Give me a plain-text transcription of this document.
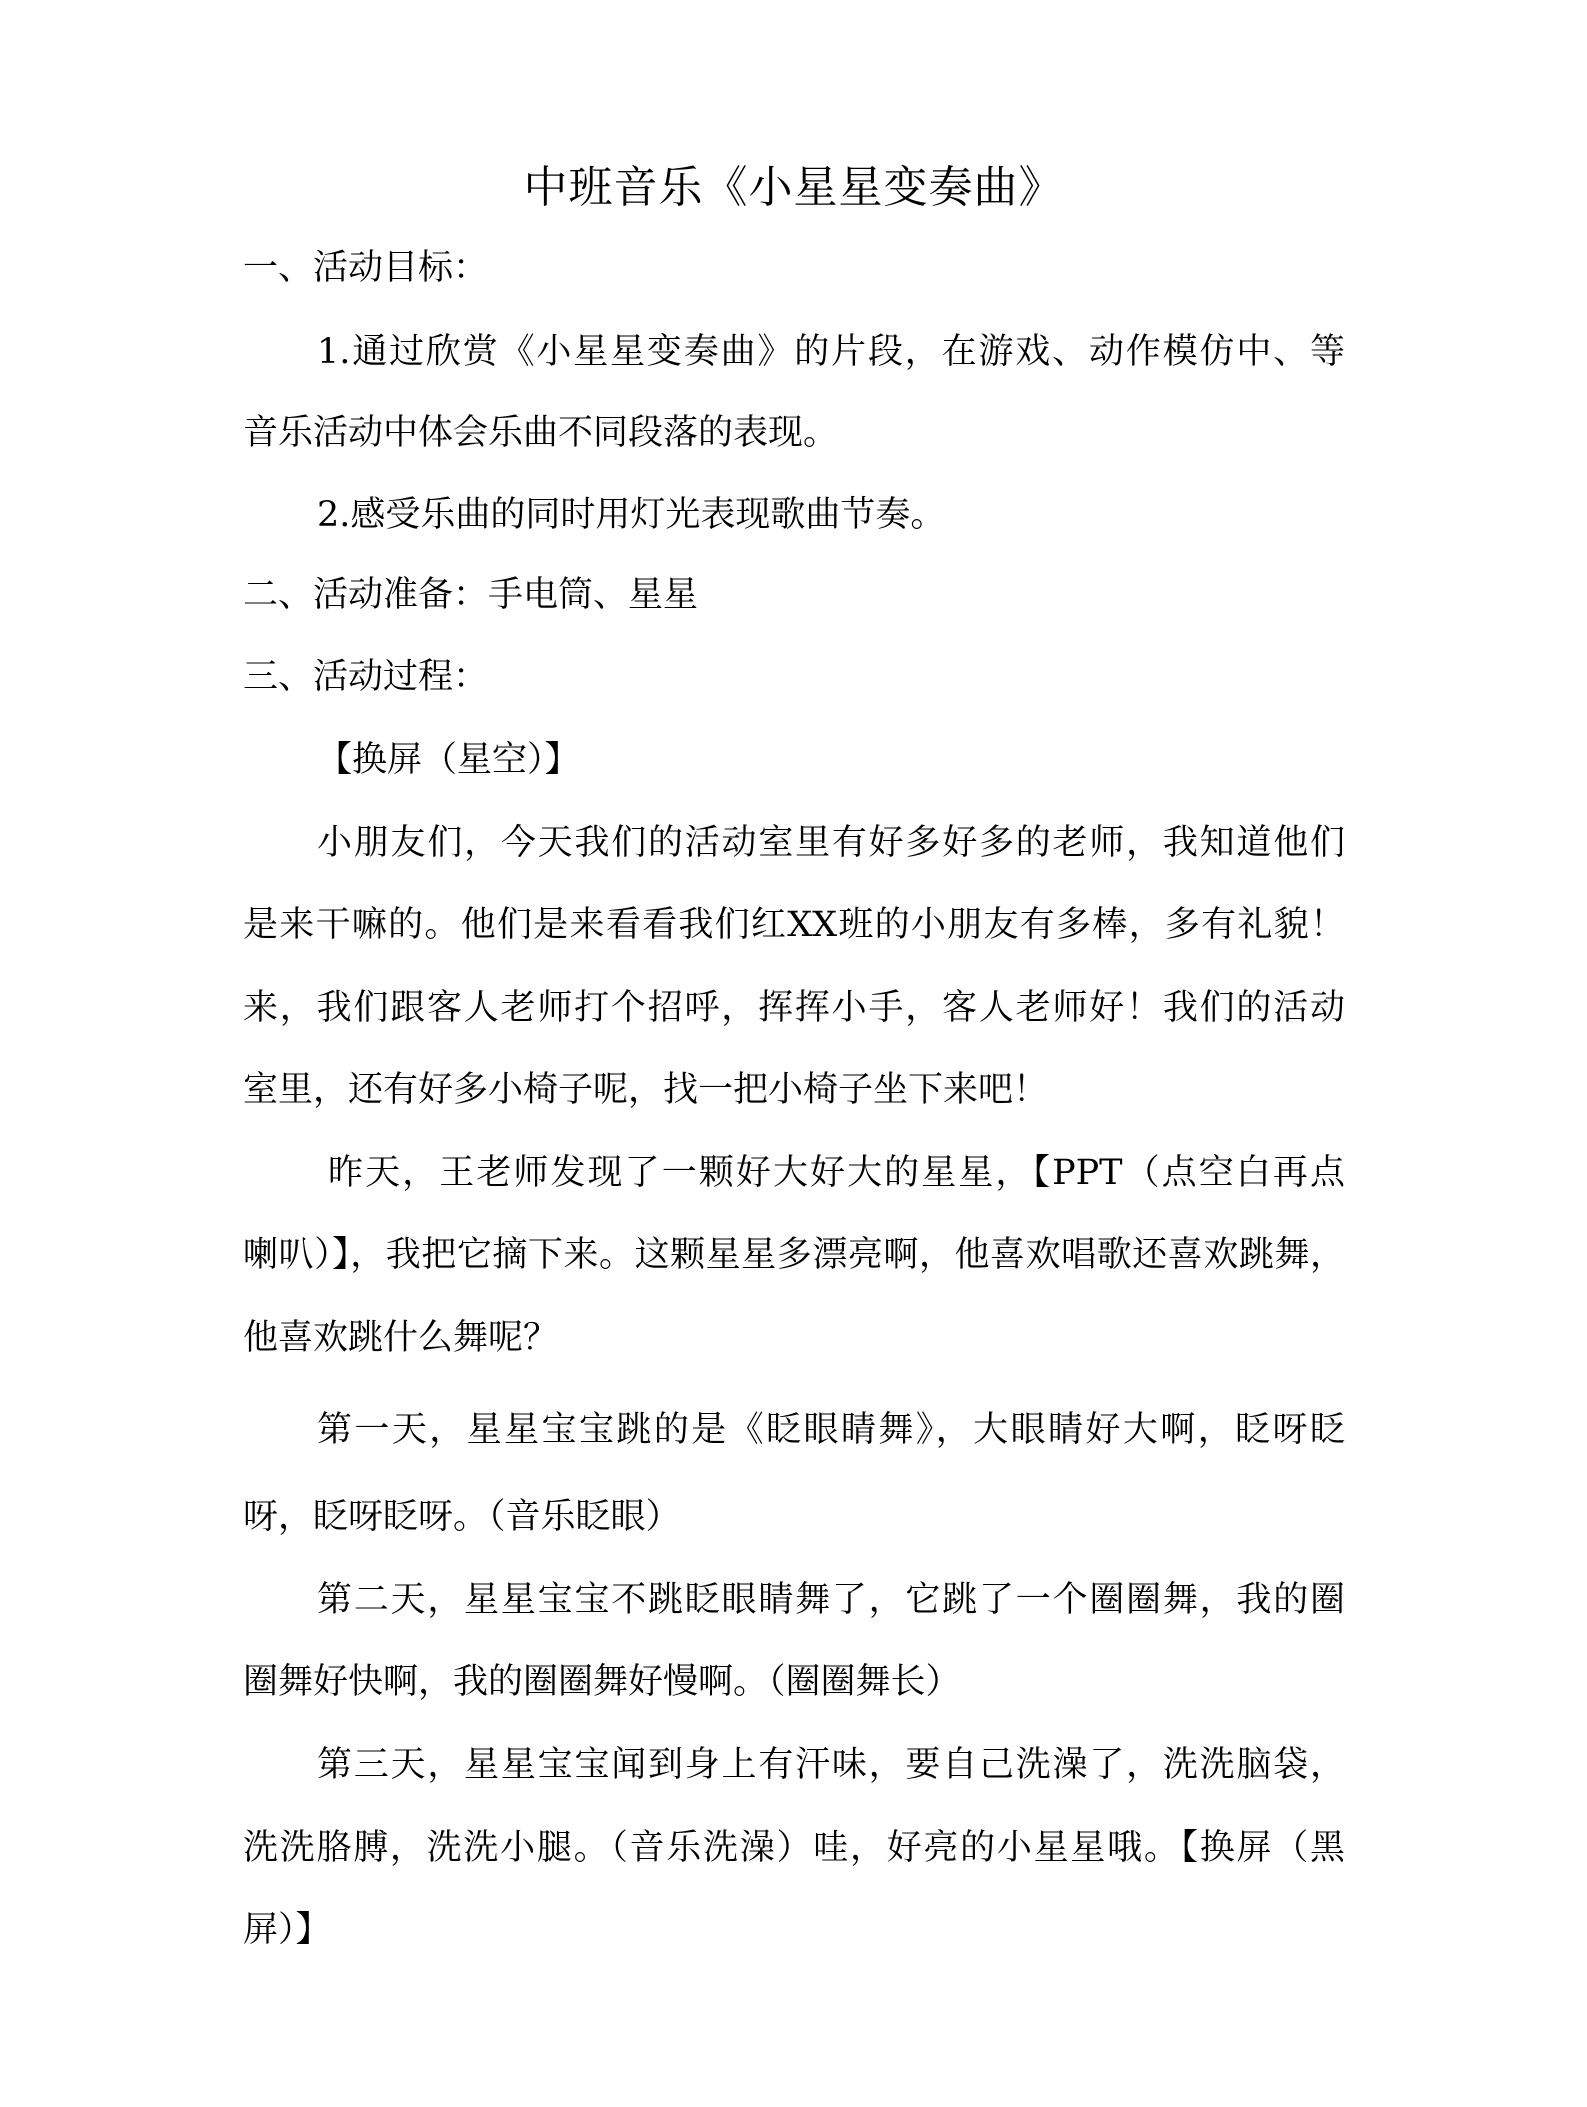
中班音乐《小星星变奏曲》
一、活动目标：
1.通过欣赏《小星星变奏曲》的片段，在游戏、动作模仿中、等
音乐活动中体会乐曲不同段落的表现。
2.感受乐曲的同时用灯光表现歌曲节奏。
二、活动准备：手电筒、星星
三、活动过程：
【换屏（星空）】
小朋友们，今天我们的活动室里有好多好多的老师，我知道他们
是来干嘛的。他们是来看看我们红XX班的小朋友有多棒，多有礼貌！
来，我们跟客人老师打个招呼，挥挥小手，客人老师好！我们的活动
室里，还有好多小椅子呢，找一把小椅子坐下来吧！
昨天，王老师发现了一颗好大好大的星星，【PPT（点空白再点
喇叭）】，我把它摘下来。这颗星星多漂亮啊，他喜欢唱歌还喜欢跳舞，
他喜欢跳什么舞呢？
第一天，星星宝宝跳的是《眨眼睛舞》，大眼睛好大啊，眨呀眨
呀，眨呀眨呀。（音乐眨眼）
第二天，星星宝宝不跳眨眼睛舞了，它跳了一个圈圈舞，我的圈
圈舞好快啊，我的圈圈舞好慢啊。（圈圈舞长）
第三天，星星宝宝闻到身上有汗味，要自己洗澡了，洗洗脑袋，
洗洗胳膊，洗洗小腿。（音乐洗澡）哇，好亮的小星星哦。【换屏（黑
屏）】
